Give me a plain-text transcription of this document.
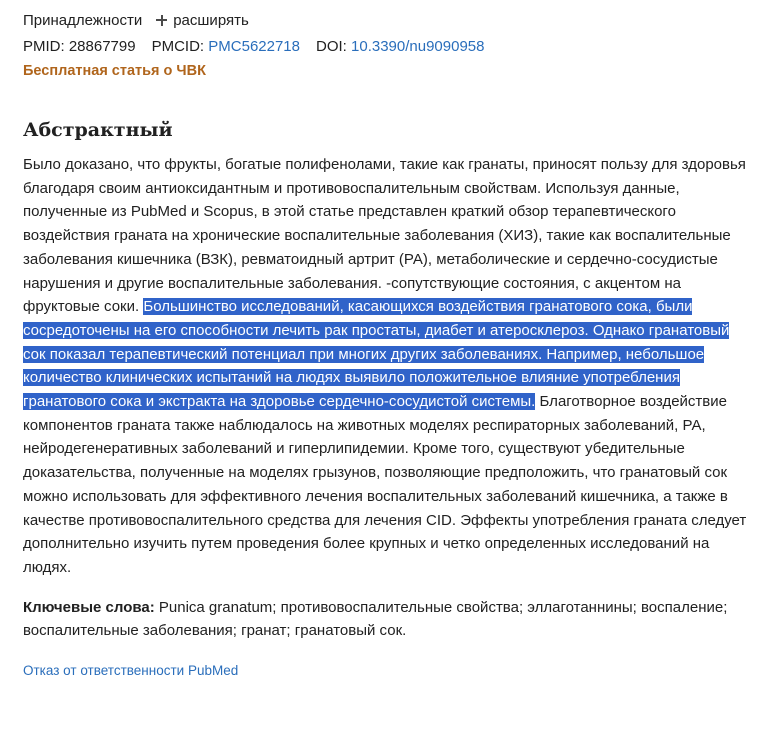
Принадлежности расширять
PMID: 28867799 PMCID: PMC5622718 DOI: 10.3390/nu9090958
Бесплатная статья о ЧВК
Абстрактный
Было доказано, что фрукты, богатые полифенолами, такие как гранаты, приносят пользу для здоровья благодаря своим антиоксидантным и противовоспалительным свойствам. Используя данные, полученные из PubMed и Scopus, в этой статье представлен краткий обзор терапевтического воздействия граната на хронические воспалительные заболевания (ХИЗ), такие как воспалительные заболевания кишечника (ВЗК), ревматоидный артрит (РА), метаболические и сердечно-сосудистые нарушения и другие воспалительные заболевания. -сопутствующие состояния, с акцентом на фруктовые соки. Большинство исследований, касающихся воздействия гранатового сока, были сосредоточены на его способности лечить рак простаты, диабет и атеросклероз. Однако гранатовый сок показал терапевтический потенциал при многих других заболеваниях. Например, небольшое количество клинических испытаний на людях выявило положительное влияние употребления гранатового сока и экстракта на здоровье сердечно-сосудистой системы. Благотворное воздействие компонентов граната также наблюдалось на животных моделях респираторных заболеваний, РА, нейродегенеративных заболеваний и гиперлипидемии. Кроме того, существуют убедительные доказательства, полученные на моделях грызунов, позволяющие предположить, что гранатовый сок можно использовать для эффективного лечения воспалительных заболеваний кишечника, а также в качестве противовоспалительного средства для лечения CID. Эффекты употребления граната следует дополнительно изучить путем проведения более крупных и четко определенных исследований на людях.
Ключевые слова: Punica granatum; противовоспалительные свойства; эллаготаннины; воспаление; воспалительные заболевания; гранат; гранатовый сок.
Отказ от ответственности PubMed
